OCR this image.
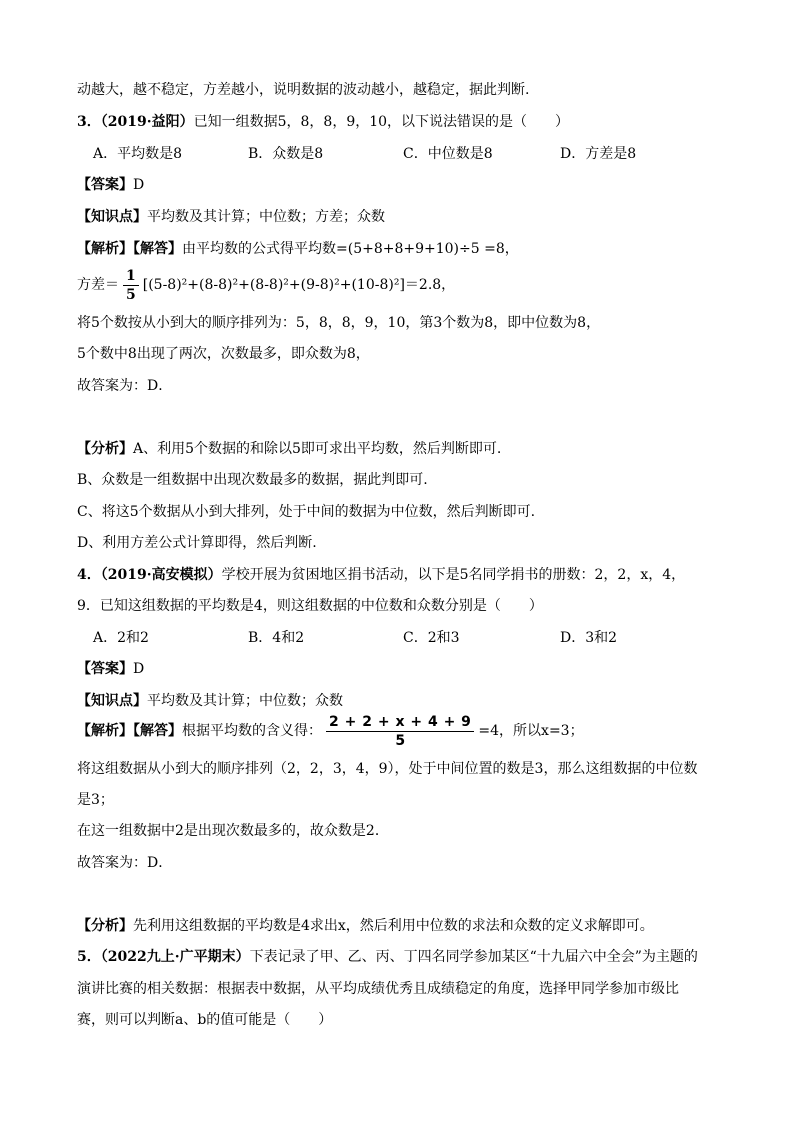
动越大，越不稳定，方差越小，说明数据的波动越小，越稳定，据此判断.
3．（2019·益阳）已知一组数据5，8，8，9，10，以下说法错误的是（　　）
A．平均数是8	B．众数是8	C．中位数是8	D．方差是8
【答案】D
【知识点】平均数及其计算；中位数；方差；众数
【解析】【解答】由平均数的公式得平均数=(5+8+8+9+10)÷5 =8，
方差＝ $\frac{1}{5} [(5-8)^2+(8-8)^2+(8-8)^2+(9-8)^2+(10-8)^2]=2.8$，
将5个数按从小到大的顺序排列为：5，8，8，9，10，第3个数为8，即中位数为8，
5个数中8出现了两次，次数最多，即众数为8，
故答案为：D．
【分析】A、利用5个数据的和除以5即可求出平均数，然后判断即可.
B、众数是一组数据中出现次数最多的数据，据此判即可.
C、将这5个数据从小到大排列，处于中间的数据为中位数，然后判断即可.
D、利用方差公式计算即得，然后判断.
4．（2019·高安模拟）学校开展为贫困地区捐书活动，以下是5名同学捐书的册数：2，2，x，4，
9．已知这组数据的平均数是4，则这组数据的中位数和众数分别是（　　）
A．2和2	B．4和2	C．2和3	D．3和2
【答案】D
【知识点】平均数及其计算；中位数；众数
【解析】【解答】根据平均数的含义得： $\frac{2 + 2 + x + 4 + 9}{5} =4$，所以x=3；
将这组数据从小到大的顺序排列（2，2，3，4，9），处于中间位置的数是3，那么这组数据的中位数
是3；
在这一组数据中2是出现次数最多的，故众数是2．
故答案为：D．
【分析】先利用这组数据的平均数是4求出x，然后利用中位数的求法和众数的定义求解即可。
5．（2022九上·广平期末）下表记录了甲、乙、丙、丁四名同学参加某区“十九届六中全会”为主题的
演讲比赛的相关数据：根据表中数据，从平均成绩优秀且成绩稳定的角度，选择甲同学参加市级比
赛，则可以判断a、b的值可能是（　　）
